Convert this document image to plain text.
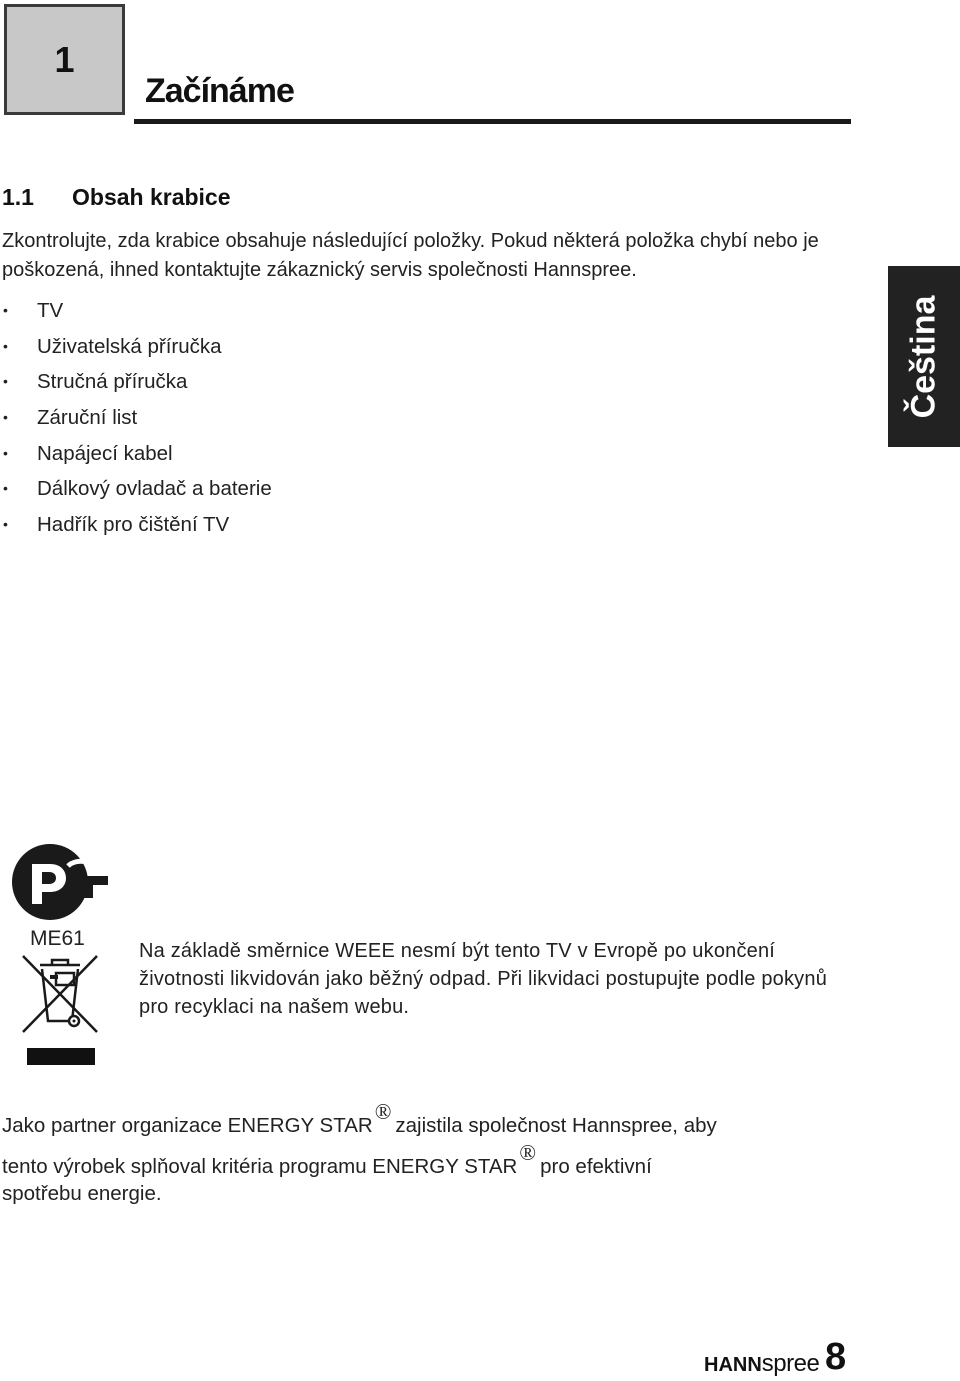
1
Začínáme
1.1 Obsah krabice

Zkontrolujte, zda krabice obsahuje následující položky. Pokud některá položka chybí nebo je poškozená, ihned kontaktujte zákaznický servis společnosti Hannspree.

• TV
• Uživatelská příručka
• Stručná příručka
• Záruční list
• Napájecí kabel
• Dálkový ovladač a baterie
• Hadřík pro čištění TV
Čeština
ME61

Na základě směrnice WEEE nesmí být tento TV v Evropě po ukončení životnosti likvidován jako běžný odpad. Při likvidaci postupujte podle pokynů pro recyklaci na našem webu.

Jako partner organizace ENERGY STAR®zajistila společnost Hannspree, aby

tento výrobek splňoval kritéria programu ENERGY STAR®pro efektivní

spotřebu energie.

HANNspree 8
